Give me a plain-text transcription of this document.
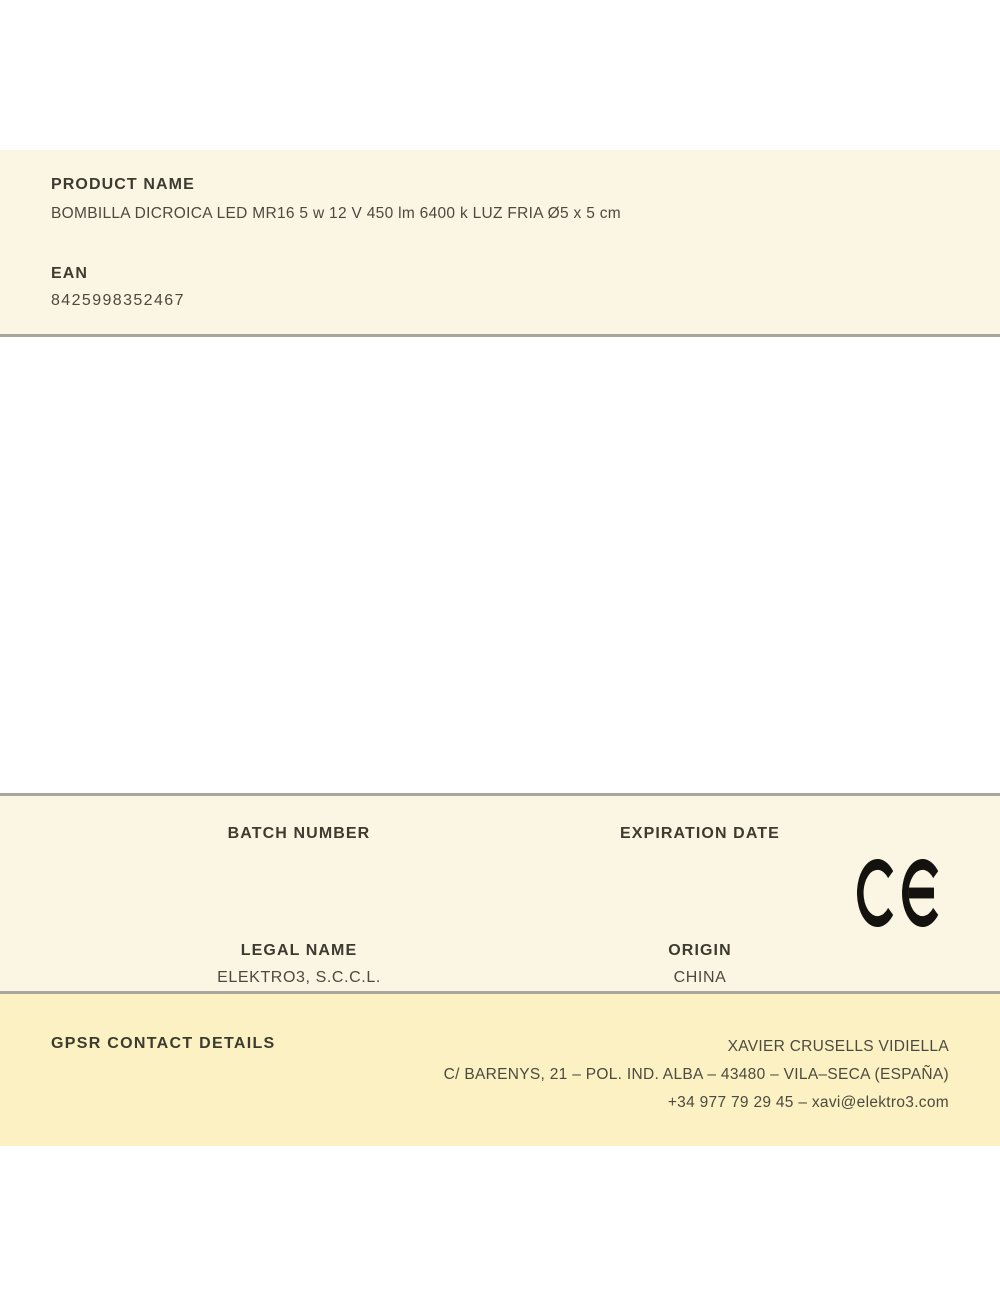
PRODUCT NAME
BOMBILLA DICROICA LED MR16 5 w 12 V 450 lm 6400 k LUZ FRIA Ø5 x 5 cm
EAN
8425998352467
BATCH NUMBER
LEGAL NAME
ELEKTRO3, S.C.C.L.
EXPIRATION DATE
ORIGIN
CHINA
GPSR CONTACT DETAILS	XAVIER CRUSELLS VIDIELLA
C/ BARENYS, 21 – POL. IND. ALBA – 43480 – VILA–SECA (ESPAÑA)
+34 977 79 29 45 – xavi@elektro3.com
